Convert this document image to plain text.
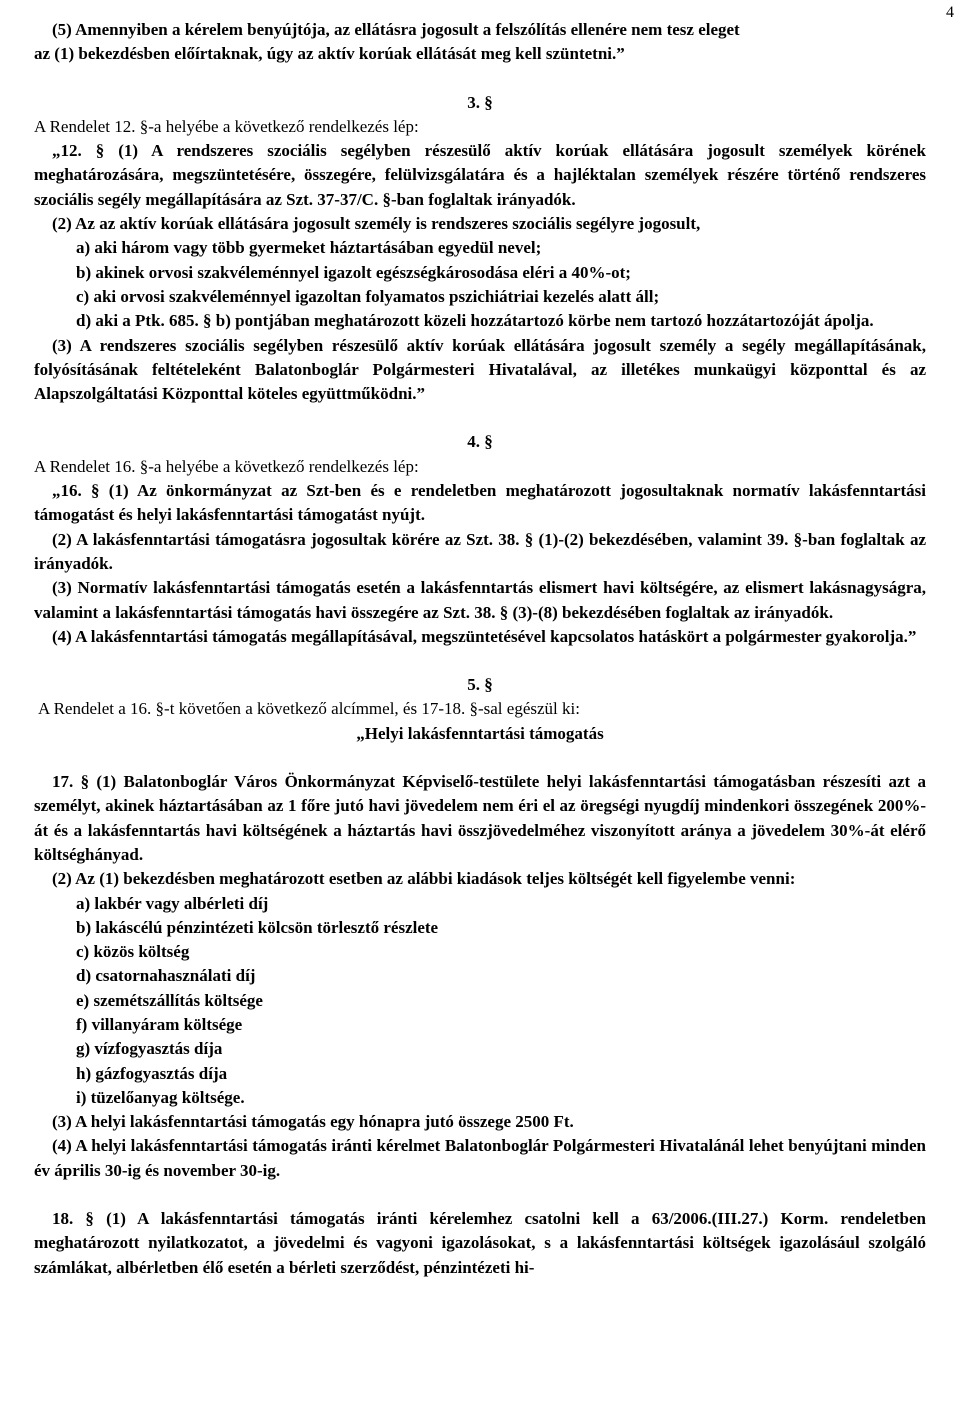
4

(5) Amennyiben a kérelem benyújtója, az ellátásra jogosult a felszólítás ellenére nem tesz eleget

az (1) bekezdésben előírtaknak, úgy az aktív korúak ellátását meg kell szüntetni.”

3. §

A Rendelet 12. §-a helyébe a következő rendelkezés lép:

„12. § (1) A rendszeres szociális segélyben részesülő aktív korúak ellátására jogosult személyek körének meghatározására, megszüntetésére, összegére, felülvizsgálatára és a hajléktalan személyek részére történő rendszeres szociális segély megállapítására az Szt. 37-37/C. §-ban foglaltak irányadók.

(2) Az az aktív korúak ellátására jogosult személy is rendszeres szociális segélyre jogosult,

a) aki három vagy több gyermeket háztartásában egyedül nevel;

b) akinek orvosi szakvéleménnyel igazolt egészségkárosodása eléri a 40%-ot;

c) aki orvosi szakvéleménnyel igazoltan folyamatos pszichiátriai kezelés alatt áll;

d) aki a Ptk. 685. § b) pontjában meghatározott közeli hozzátartozó körbe nem tartozó hozzátartozóját ápolja.

(3) A rendszeres szociális segélyben részesülő aktív korúak ellátására jogosult személy a segély megállapításának, folyósításának feltételeként Balatonboglár Polgármesteri Hivatalával, az illetékes munkaügyi központtal és az Alapszolgáltatási Központtal köteles együttműködni.”

4. §

A Rendelet 16. §-a helyébe a következő rendelkezés lép:

„16. § (1) Az önkormányzat az Szt-ben és e rendeletben meghatározott jogosultaknak normatív lakásfenntartási támogatást és helyi lakásfenntartási támogatást nyújt.

(2) A lakásfenntartási támogatásra jogosultak körére az Szt. 38. § (1)-(2) bekezdésében, valamint 39. §-ban foglaltak az irányadók.

(3) Normatív lakásfenntartási támogatás esetén a lakásfenntartás elismert havi költségére, az elismert lakásnagyságra, valamint a lakásfenntartási támogatás havi összegére az Szt. 38. § (3)-(8) bekezdésében foglaltak az irányadók.

(4) A lakásfenntartási támogatás megállapításával, megszüntetésével kapcsolatos hatáskört a polgármester gyakorolja.”

5. §

A Rendelet a 16. §-t követően a következő alcímmel, és 17-18. §-sal egészül ki:

„Helyi lakásfenntartási támogatás

17. § (1) Balatonboglár Város Önkormányzat Képviselő-testülete helyi lakásfenntartási támogatásban részesíti azt a személyt, akinek háztartásában az 1 főre jutó havi jövedelem nem éri el az öregségi nyugdíj mindenkori összegének 200%-át és a lakásfenntartás havi költségének a háztartás havi összjövedelméhez viszonyított aránya a jövedelem 30%-át elérő költséghányad.

(2) Az (1) bekezdésben meghatározott esetben az alábbi kiadások teljes költségét kell figyelembe venni:

a) lakbér vagy albérleti díj

b) lakáscélú pénzintézeti kölcsön törlesztő részlete

c) közös költség

d) csatornahasználati díj

e) szemétszállítás költsége

f) villanyáram költsége

g) vízfogyasztás díja

h) gázfogyasztás díja

i) tüzelőanyag költsége.

(3) A helyi lakásfenntartási támogatás egy hónapra jutó összege 2500 Ft.

(4) A helyi lakásfenntartási támogatás iránti kérelmet Balatonboglár Polgármesteri Hivatalánál lehet benyújtani minden év április 30-ig és november 30-ig.

18. § (1) A lakásfenntartási támogatás iránti kérelemhez csatolni kell a 63/2006.(III.27.) Korm. rendeletben meghatározott nyilatkozatot, a jövedelmi és vagyoni igazolásokat, s a lakásfenntartási költségek igazolásául szolgáló számlákat, albérletben élő esetén a bérleti szerződést, pénzintézeti hi-
